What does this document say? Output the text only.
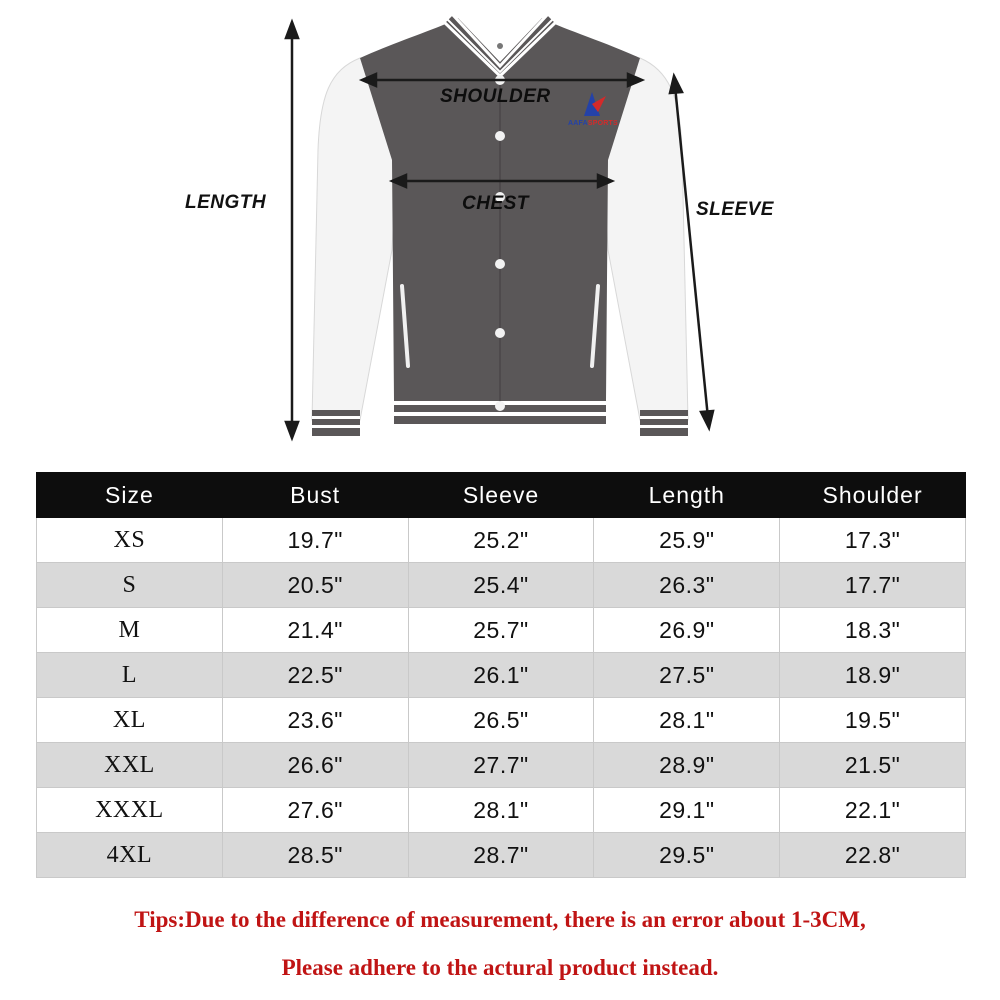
LENGTH	SLEEVE
SHOULDER
CHEST
AAFASPORTS
Size	Bust	Sleeve	Length	Shoulder
XS	19.7"	25.2"	25.9"	17.3"
S	20.5"	25.4"	26.3"	17.7"
M	21.4"	25.7"	26.9"	18.3"
L	22.5"	26.1"	27.5"	18.9"
XL	23.6"	26.5"	28.1"	19.5"
XXL	26.6"	27.7"	28.9"	21.5"
XXXL	27.6"	28.1"	29.1"	22.1"
4XL	28.5"	28.7"	29.5"	22.8"
Tips:Due to the difference of measurement, there is an error about 1-3CM,
Please adhere to the actural product instead.
